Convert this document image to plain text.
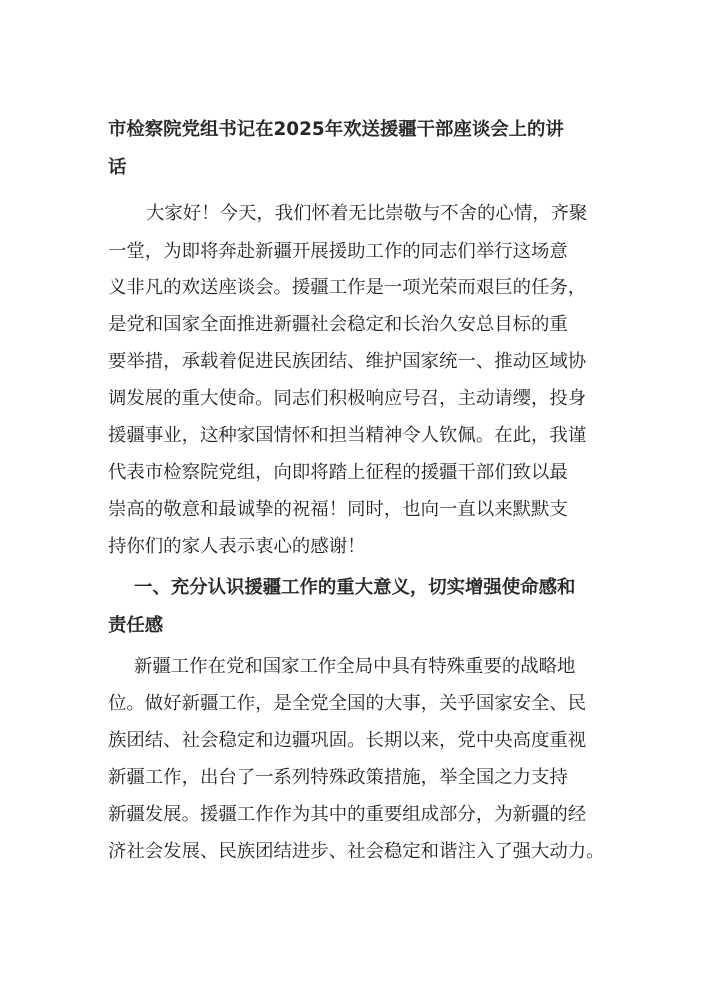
市检察院党组书记在2025年欢送援疆干部座谈会上的讲
话
大家好！今天，我们怀着无比崇敬与不舍的心情，齐聚
一堂，为即将奔赴新疆开展援助工作的同志们举行这场意
义非凡的欢送座谈会。援疆工作是一项光荣而艰巨的任务，
是党和国家全面推进新疆社会稳定和长治久安总目标的重
要举措，承载着促进民族团结、维护国家统一、推动区域协
调发展的重大使命。同志们积极响应号召，主动请缨，投身
援疆事业，这种家国情怀和担当精神令人钦佩。在此，我谨
代表市检察院党组，向即将踏上征程的援疆干部们致以最
崇高的敬意和最诚挚的祝福！同时，也向一直以来默默支
持你们的家人表示衷心的感谢！
一、充分认识援疆工作的重大意义，切实增强使命感和
责任感
新疆工作在党和国家工作全局中具有特殊重要的战略地
位。做好新疆工作，是全党全国的大事，关乎国家安全、民
族团结、社会稳定和边疆巩固。长期以来，党中央高度重视
新疆工作，出台了一系列特殊政策措施，举全国之力支持
新疆发展。援疆工作作为其中的重要组成部分，为新疆的经
济社会发展、民族团结进步、社会稳定和谐注入了强大动力。
